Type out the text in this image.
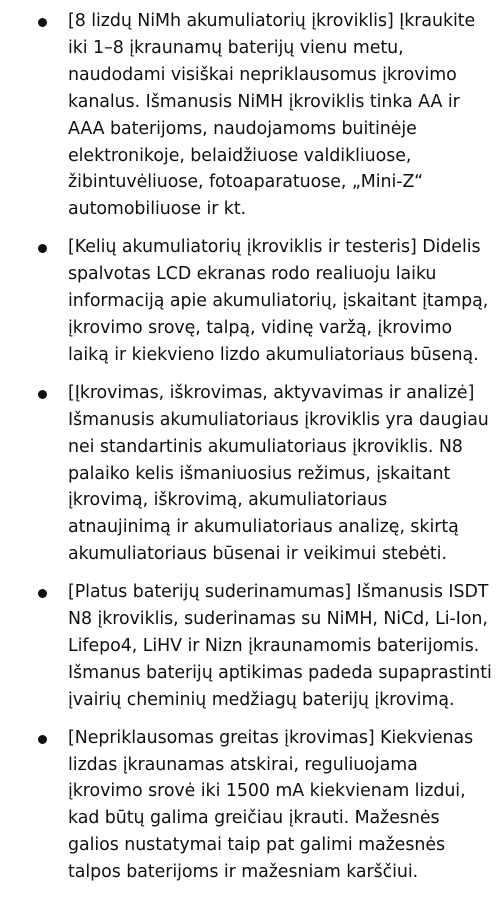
[8 lizdų NiMh akumuliatorių įkroviklis] Įkraukite iki 1–8 įkraunamų baterijų vienu metu, naudodami visiškai nepriklausomus įkrovimo kanalus. Išmanusis NiMH įkroviklis tinka AA ir AAA baterijoms, naudojamoms buitinėje elektronikoje, belaidžiuose valdikliuose, žibintuvėliuose, fotoaparatuose, „Mini-Z“ automobiliuose ir kt.
[Kelių akumuliatorių įkroviklis ir testeris] Didelis spalvotas LCD ekranas rodo realiuoju laiku informaciją apie akumuliatorių, įskaitant įtampą, įkrovimo srovę, talpą, vidinę varžą, įkrovimo laiką ir kiekvieno lizdo akumuliatoriaus būseną.
[Įkrovimas, iškrovimas, aktyvavimas ir analizė] Išmanusis akumuliatoriaus įkroviklis yra daugiau nei standartinis akumuliatoriaus įkroviklis. N8 palaiko kelis išmaniuosius režimus, įskaitant įkrovimą, iškrovimą, akumuliatoriaus atnaujinimą ir akumuliatoriaus analizę, skirtą akumuliatoriaus būsenai ir veikimui stebėti.
[Platus baterijų suderinamumas] Išmanusis ISDT N8 įkroviklis, suderinamas su NiMH, NiCd, Li-Ion, Lifepo4, LiHV ir Nizn įkraunamomis baterijomis. Išmanus baterijų aptikimas padeda supaprastinti įvairių cheminių medžiagų baterijų įkrovimą.
[Nepriklausomas greitas įkrovimas] Kiekvienas lizdas įkraunamas atskirai, reguliuojama įkrovimo srovė iki 1500 mA kiekvienam lizdui, kad būtų galima greičiau įkrauti. Mažesnės galios nustatymai taip pat galimi mažesnės talpos baterijoms ir mažesniam karščiui.
